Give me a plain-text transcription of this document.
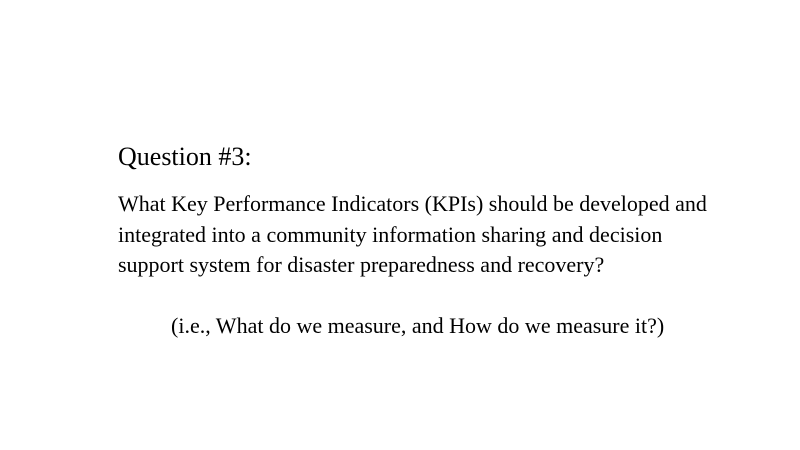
Question #3:
What Key Performance Indicators (KPIs) should be developed and
integrated into a community information sharing and decision
support system for disaster preparedness and recovery?
(i.e., What do we measure, and How do we measure it?)
